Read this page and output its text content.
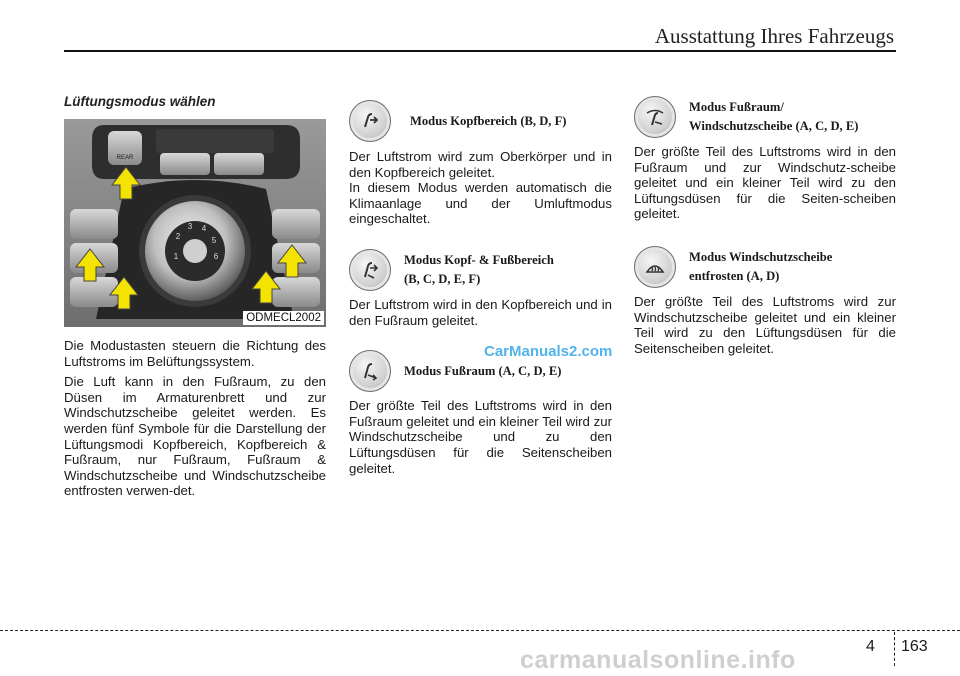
Ausstattung Ihres Fahrzeugs
Lüftungsmodus wählen
REAR
1
2
3 4
5
6
ODMECL2002

Die Modustasten steuern die Richtung des Luftstroms im Belüftungssystem.

Die Luft kann in den Fußraum, zu den Düsen im Armaturenbrett und zur Windschutzscheibe geleitet werden. Es werden fünf Symbole für die Darstellung der Lüftungsmodi Kopfbereich, Kopfbereich & Fußraum, nur Fußraum, Fußraum & Windschutzscheibe und Windschutzscheibe entfrosten verwen-det.

Modus Kopfbereich (B, D, F)

Der Luftstrom wird zum Oberkörper und in den Kopfbereich geleitet.

In diesem Modus werden automatisch die Klimaanlage und der Umluftmodus eingeschaltet.

Modus Kopf- & Fußbereich
(B, C, D, E, F)

Der Luftstrom wird in den Kopfbereich und in den Fußraum geleitet.

Modus Fußraum (A, C, D, E)

Der größte Teil des Luftstroms wird in den Fußraum geleitet und ein kleiner Teil wird zur Windschutzscheibe und zu den Lüftungsdüsen für die Seitenscheiben geleitet.

Modus Fußraum/
Windschutzscheibe (A, C, D, E)

Der größte Teil des Luftstroms wird in den Fußraum und zur Windschutz-scheibe geleitet und ein kleiner Teil wird zu den Lüftungsdüsen für die Seiten-scheiben geleitet.

Modus Windschutzscheibe
entfrosten (A, D)

Der größte Teil des Luftstroms wird zur Windschutzscheibe geleitet und ein kleiner Teil wird zu den Lüftungsdüsen für die Seitenscheiben geleitet.

CarManuals2.com
4 163
carmanualsonline.info
